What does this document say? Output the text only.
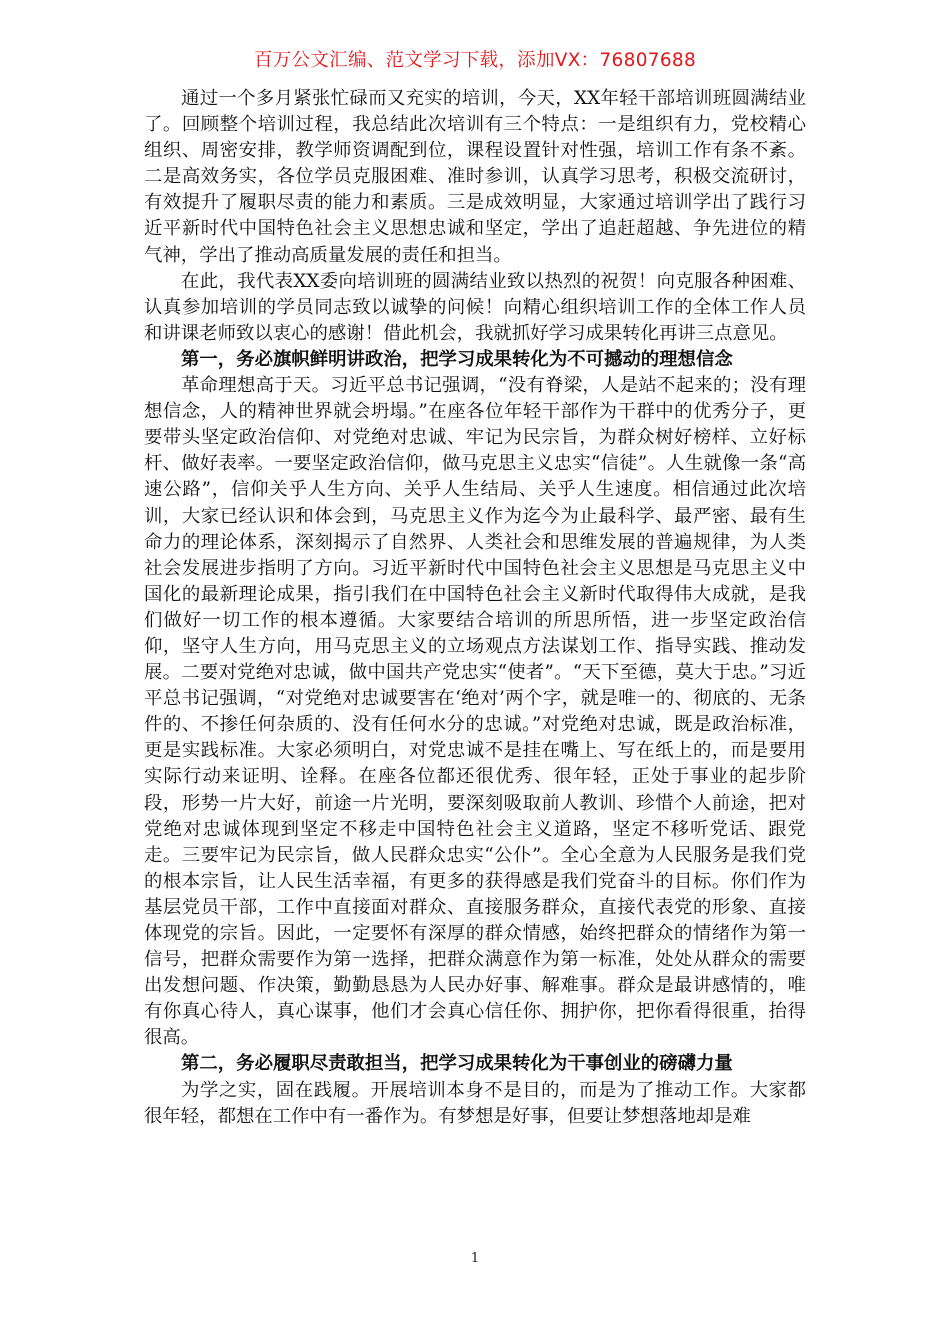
百万公文汇编、范文学习下载，添加VX：76807688

通过一个多月紧张忙碌而又充实的培训，今天，XX年轻干部培训班圆满结业了。回顾整个培训过程，我总结此次培训有三个特点：一是组织有力，党校精心组织、周密安排，教学师资调配到位，课程设置针对性强，培训工作有条不紊。二是高效务实，各位学员克服困难、准时参训，认真学习思考，积极交流研讨，有效提升了履职尽责的能力和素质。三是成效明显，大家通过培训学出了践行习近平新时代中国特色社会主义思想忠诚和坚定，学出了追赶超越、争先进位的精气神，学出了推动高质量发展的责任和担当。

在此，我代表XX委向培训班的圆满结业致以热烈的祝贺！向克服各种困难、认真参加培训的学员同志致以诚挚的问候！向精心组织培训工作的全体工作人员和讲课老师致以衷心的感谢！借此机会，我就抓好学习成果转化再讲三点意见。

第一，务必旗帜鲜明讲政治，把学习成果转化为不可撼动的理想信念

革命理想高于天。习近平总书记强调，“没有脊梁，人是站不起来的；没有理想信念，人的精神世界就会坍塌。”在座各位年轻干部作为干群中的优秀分子，更要带头坚定政治信仰、对党绝对忠诚、牢记为民宗旨，为群众树好榜样、立好标杆、做好表率。一要坚定政治信仰，做马克思主义忠实“信徒”。人生就像一条“高速公路”，信仰关乎人生方向、关乎人生结局、关乎人生速度。相信通过此次培训，大家已经认识和体会到，马克思主义作为迄今为止最科学、最严密、最有生命力的理论体系，深刻揭示了自然界、人类社会和思维发展的普遍规律，为人类社会发展进步指明了方向。习近平新时代中国特色社会主义思想是马克思主义中国化的最新理论成果，指引我们在中国特色社会主义新时代取得伟大成就，是我们做好一切工作的根本遵循。大家要结合培训的所思所悟，进一步坚定政治信仰，坚守人生方向，用马克思主义的立场观点方法谋划工作、指导实践、推动发展。二要对党绝对忠诚，做中国共产党忠实“使者”。“天下至德，莫大于忠。”习近平总书记强调，“对党绝对忠诚要害在‘绝对’两个字，就是唯一的、彻底的、无条件的、不掺任何杂质的、没有任何水分的忠诚。”对党绝对忠诚，既是政治标准，更是实践标准。大家必须明白，对党忠诚不是挂在嘴上、写在纸上的，而是要用实际行动来证明、诠释。在座各位都还很优秀、很年轻，正处于事业的起步阶段，形势一片大好，前途一片光明，要深刻吸取前人教训、珍惜个人前途，把对党绝对忠诚体现到坚定不移走中国特色社会主义道路，坚定不移听党话、跟党走。三要牢记为民宗旨，做人民群众忠实“公仆”。全心全意为人民服务是我们党的根本宗旨，让人民生活幸福，有更多的获得感是我们党奋斗的目标。你们作为基层党员干部，工作中直接面对群众、直接服务群众，直接代表党的形象、直接体现党的宗旨。因此，一定要怀有深厚的群众情感，始终把群众的情绪作为第一信号，把群众需要作为第一选择，把群众满意作为第一标准，处处从群众的需要出发想问题、作决策，勤勤恳恳为人民办好事、解难事。群众是最讲感情的，唯有你真心待人，真心谋事，他们才会真心信任你、拥护你，把你看得很重，抬得很高。

第二，务必履职尽责敢担当，把学习成果转化为干事创业的磅礴力量

为学之实，固在践履。开展培训本身不是目的，而是为了推动工作。大家都很年轻，都想在工作中有一番作为。有梦想是好事，但要让梦想落地却是难

1
